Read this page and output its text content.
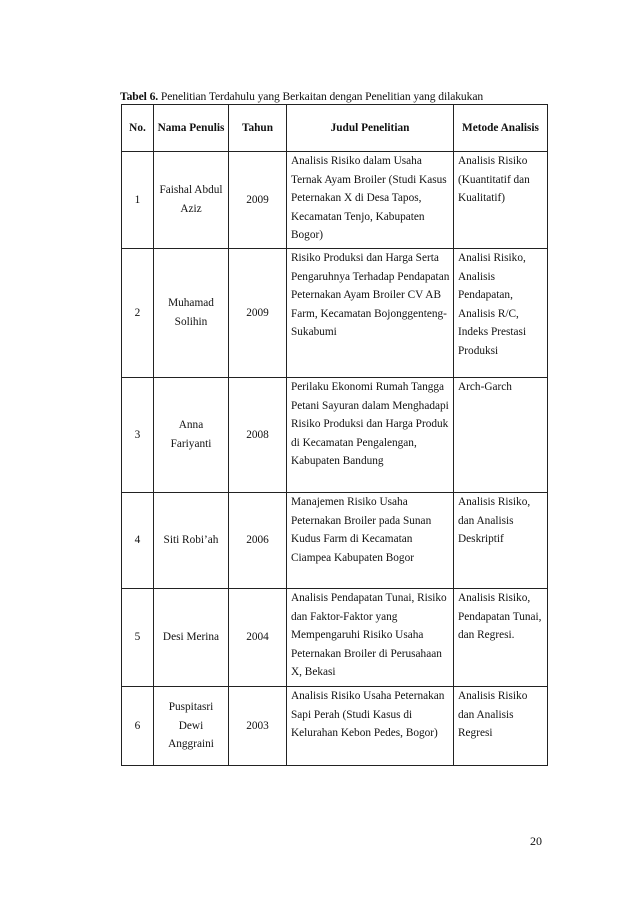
Tabel 6. Penelitian Terdahulu yang Berkaitan dengan Penelitian yang dilakukan
No.	Nama Penulis	Tahun	Judul Penelitian	Metode Analisis
1	Faishal Abdul Aziz	2009	Analisis Risiko dalam Usaha Ternak Ayam Broiler (Studi Kasus Peternakan X di Desa Tapos, Kecamatan Tenjo, Kabupaten Bogor)	Analisis Risiko (Kuantitatif dan Kualitatif)
2	Muhamad Solihin	2009	Risiko Produksi dan Harga Serta Pengaruhnya Terhadap Pendapatan Peternakan Ayam Broiler CV AB Farm, Kecamatan Bojonggenteng-Sukabumi	Analisi Risiko, Analisis Pendapatan, Analisis R/C, Indeks Prestasi Produksi
3	Anna Fariyanti	2008	Perilaku Ekonomi Rumah Tangga Petani Sayuran dalam Menghadapi Risiko Produksi dan Harga Produk di Kecamatan Pengalengan, Kabupaten Bandung	Arch-Garch
4	Siti Robi’ah	2006	Manajemen Risiko Usaha Peternakan Broiler pada Sunan Kudus Farm di Kecamatan Ciampea Kabupaten Bogor	Analisis Risiko, dan Analisis Deskriptif
5	Desi Merina	2004	Analisis Pendapatan Tunai, Risiko dan Faktor-Faktor yang Mempengaruhi Risiko Usaha Peternakan Broiler di Perusahaan X, Bekasi	Analisis Risiko, Pendapatan Tunai, dan Regresi.
6	Puspitasri Dewi Anggraini	2003	Analisis Risiko Usaha Peternakan Sapi Perah (Studi Kasus di Kelurahan Kebon Pedes, Bogor)	Analisis Risiko dan Analisis Regresi
20
